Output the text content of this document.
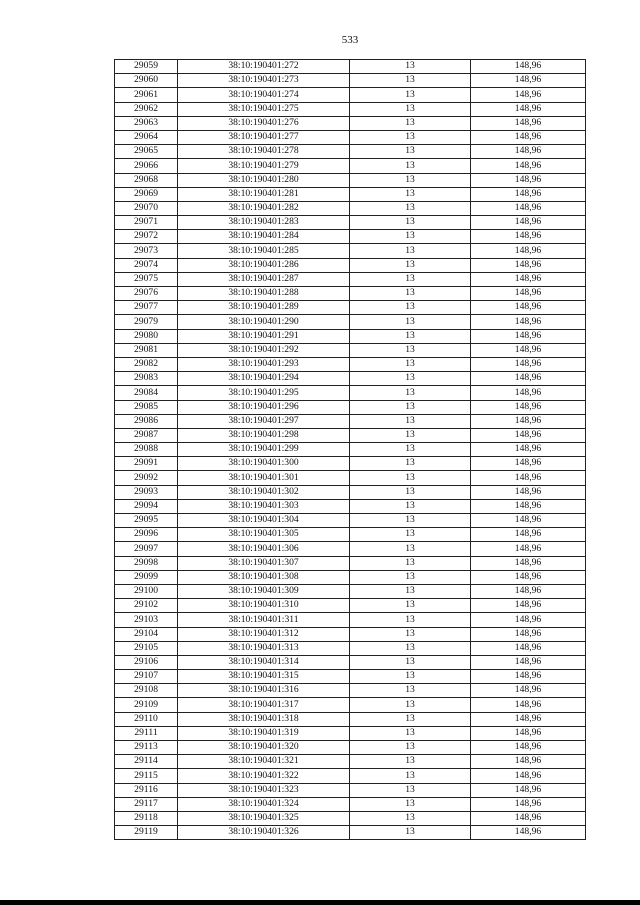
533
29059	38:10:190401:272	13	148,96
29060	38:10:190401:273	13	148,96
29061	38:10:190401:274	13	148,96
29062	38:10:190401:275	13	148,96
29063	38:10:190401:276	13	148,96
29064	38:10:190401:277	13	148,96
29065	38:10:190401:278	13	148,96
29066	38:10:190401:279	13	148,96
29068	38:10:190401:280	13	148,96
29069	38:10:190401:281	13	148,96
29070	38:10:190401:282	13	148,96
29071	38:10:190401:283	13	148,96
29072	38:10:190401:284	13	148,96
29073	38:10:190401:285	13	148,96
29074	38:10:190401:286	13	148,96
29075	38:10:190401:287	13	148,96
29076	38:10:190401:288	13	148,96
29077	38:10:190401:289	13	148,96
29079	38:10:190401:290	13	148,96
29080	38:10:190401:291	13	148,96
29081	38:10:190401:292	13	148,96
29082	38:10:190401:293	13	148,96
29083	38:10:190401:294	13	148,96
29084	38:10:190401:295	13	148,96
29085	38:10:190401:296	13	148,96
29086	38:10:190401:297	13	148,96
29087	38:10:190401:298	13	148,96
29088	38:10:190401:299	13	148,96
29091	38:10:190401:300	13	148,96
29092	38:10:190401:301	13	148,96
29093	38:10:190401:302	13	148,96
29094	38:10:190401:303	13	148,96
29095	38:10:190401:304	13	148,96
29096	38:10:190401:305	13	148,96
29097	38:10:190401:306	13	148,96
29098	38:10:190401:307	13	148,96
29099	38:10:190401:308	13	148,96
29100	38:10:190401:309	13	148,96
29102	38:10:190401:310	13	148,96
29103	38:10:190401:311	13	148,96
29104	38:10:190401:312	13	148,96
29105	38:10:190401:313	13	148,96
29106	38:10:190401:314	13	148,96
29107	38:10:190401:315	13	148,96
29108	38:10:190401:316	13	148,96
29109	38:10:190401:317	13	148,96
29110	38:10:190401:318	13	148,96
29111	38:10:190401:319	13	148,96
29113	38:10:190401:320	13	148,96
29114	38:10:190401:321	13	148,96
29115	38:10:190401:322	13	148,96
29116	38:10:190401:323	13	148,96
29117	38:10:190401:324	13	148,96
29118	38:10:190401:325	13	148,96
29119	38:10:190401:326	13	148,96
